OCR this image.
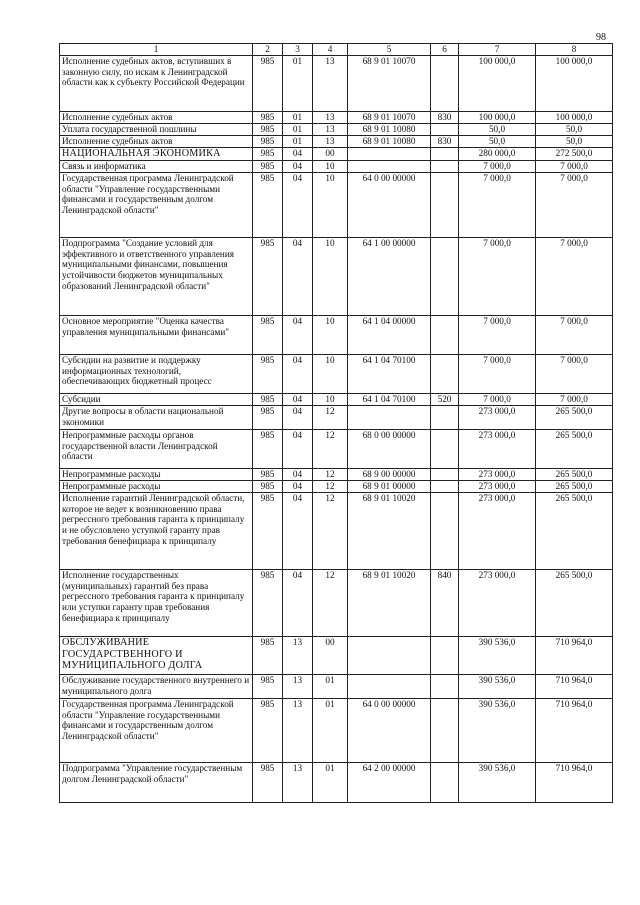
98
1	2	3	4	5	6	7	8
Исполнение судебных актов, вступивших в законную силу, по искам к Ленинградской области как к субъекту Российской Федерации	985	01	13	68 9 01 10070		100 000,0	100 000,0
Исполнение судебных актов	985	01	13	68 9 01 10070	830	100 000,0	100 000,0
Уплата государственной пошлины	985	01	13	68 9 01 10080		50,0	50,0
Исполнение судебных актов	985	01	13	68 9 01 10080	830	50,0	50,0
НАЦИОНАЛЬНАЯ ЭКОНОМИКА	985	04	00			280 000,0	272 500,0
Связь и информатика	985	04	10			7 000,0	7 000,0
Государственная программа Ленинградской области "Управление государственными финансами и государственным долгом Ленинградской области"	985	04	10	64 0 00 00000		7 000,0	7 000,0
Подпрограмма "Создание условий для эффективного и ответственного управления муниципальными финансами, повышения устойчивости бюджетов муниципальных образований Ленинградской области"	985	04	10	64 1 00 00000		7 000,0	7 000,0
Основное мероприятие "Оценка качества управления муниципальными финансами"	985	04	10	64 1 04 00000		7 000,0	7 000,0
Субсидии на развитие и поддержку информационных технологий, обеспечивающих бюджетный процесс	985	04	10	64 1 04 70100		7 000,0	7 000,0
Субсидии	985	04	10	64 1 04 70100	520	7 000,0	7 000,0
Другие вопросы в области национальной экономики	985	04	12			273 000,0	265 500,0
Непрограммные расходы органов государственной власти Ленинградской области	985	04	12	68 0 00 00000		273 000,0	265 500,0
Непрограммные расходы	985	04	12	68 9 00 00000		273 000,0	265 500,0
Непрограммные расходы	985	04	12	68 9 01 00000		273 000,0	265 500,0
Исполнение гарантий Ленинградской области, которое не ведет к возникновению права регрессного требования гаранта к принципалу и не обусловлено уступкой гаранту прав требования бенефициара к принципалу	985	04	12	68 9 01 10020		273 000,0	265 500,0
Исполнение государственных (муниципальных) гарантий без права регрессного требования гаранта к принципалу или уступки гаранту прав требования бенефициара к принципалу	985	04	12	68 9 01 10020	840	273 000,0	265 500,0
ОБСЛУЖИВАНИЕ ГОСУДАРСТВЕННОГО И МУНИЦИПАЛЬНОГО ДОЛГА	985	13	00			390 536,0	710 964,0
Обслуживание государственного внутреннего и муниципального долга	985	13	01			390 536,0	710 964,0
Государственная программа Ленинградской области "Управление государственными финансами и государственным долгом Ленинградской области"	985	13	01	64 0 00 00000		390 536,0	710 964,0
Подпрограмма "Управление государственным долгом Ленинградской области"	985	13	01	64 2 00 00000		390 536,0	710 964,0
